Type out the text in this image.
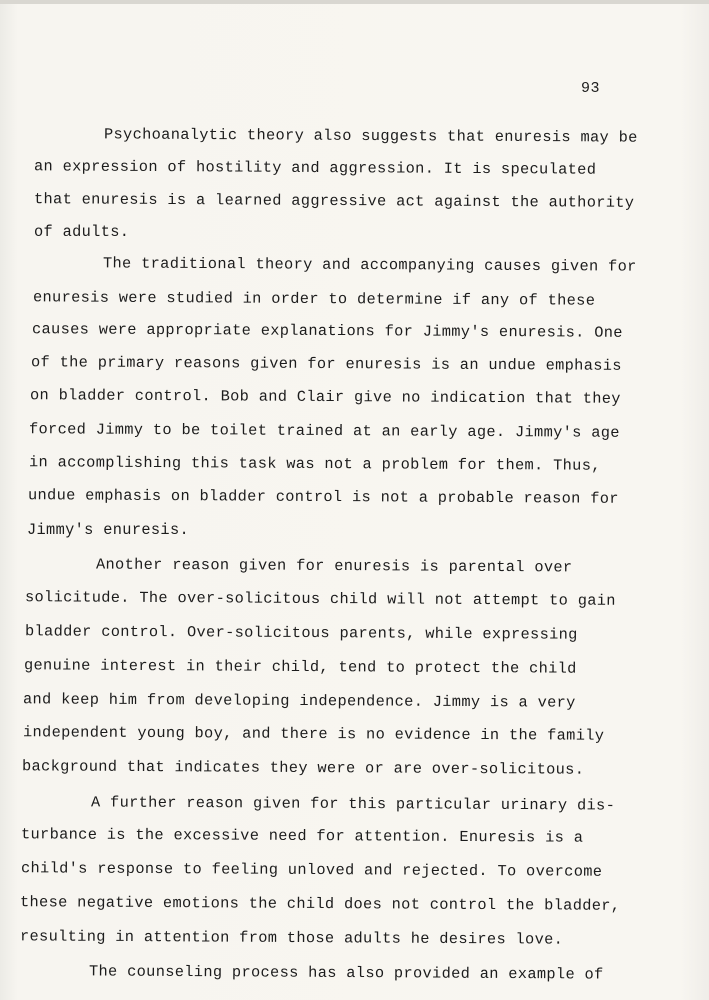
93
Psychoanalytic theory also suggests that enuresis may be
an expression of hostility and aggression. It is speculated
that enuresis is a learned aggressive act against the authority
of adults.
The traditional theory and accompanying causes given for
enuresis were studied in order to determine if any of these
causes were appropriate explanations for Jimmy's enuresis. One
of the primary reasons given for enuresis is an undue emphasis
on bladder control. Bob and Clair give no indication that they
forced Jimmy to be toilet trained at an early age. Jimmy's age
in accomplishing this task was not a problem for them. Thus,
undue emphasis on bladder control is not a probable reason for
Jimmy's enuresis.
Another reason given for enuresis is parental over
solicitude. The over-solicitous child will not attempt to gain
bladder control. Over-solicitous parents, while expressing
genuine interest in their child, tend to protect the child
and keep him from developing independence. Jimmy is a very
independent young boy, and there is no evidence in the family
background that indicates they were or are over-solicitous.
A further reason given for this particular urinary dis-
turbance is the excessive need for attention. Enuresis is a
child's response to feeling unloved and rejected. To overcome
these negative emotions the child does not control the bladder,
resulting in attention from those adults he desires love.
The counseling process has also provided an example of
